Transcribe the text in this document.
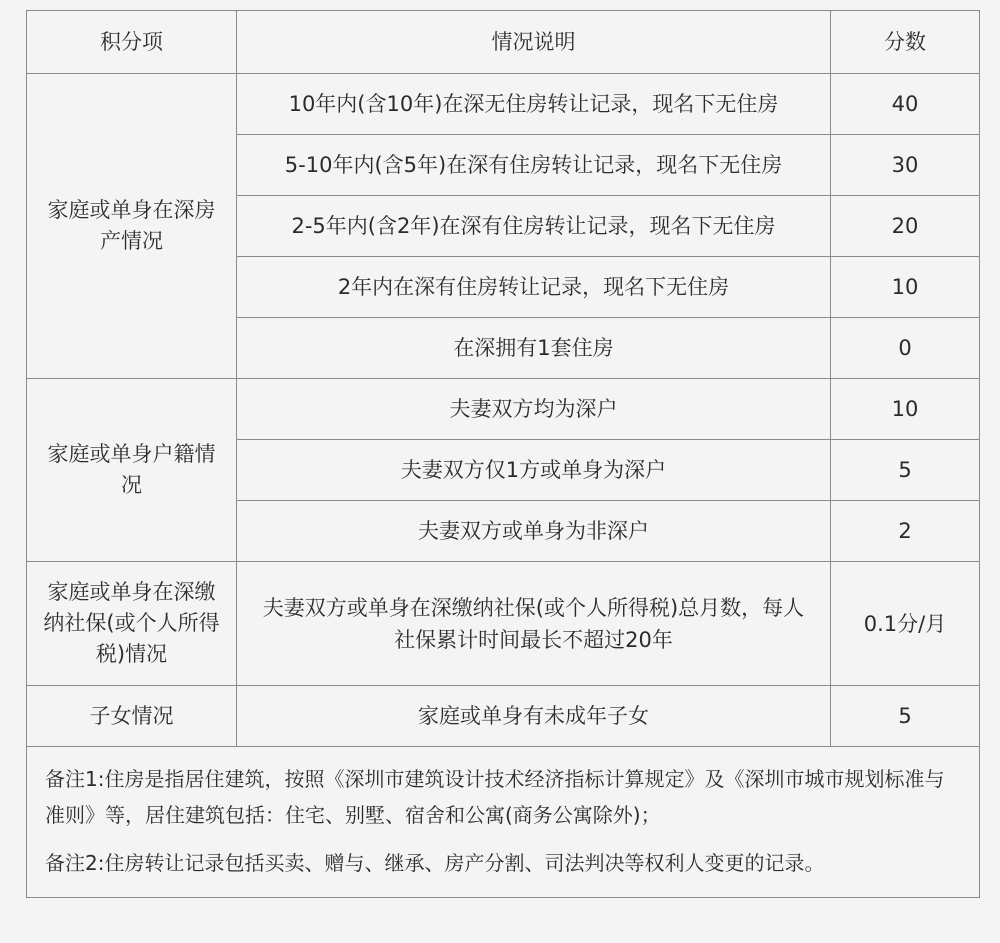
积分项	情况说明	分数
家庭或单身在深房产情况	10年内(含10年)在深无住房转让记录，现名下无住房	40
	5-10年内(含5年)在深有住房转让记录，现名下无住房	30
	2-5年内(含2年)在深有住房转让记录，现名下无住房	20
	2年内在深有住房转让记录，现名下无住房	10
	在深拥有1套住房	0
家庭或单身户籍情况	夫妻双方均为深户	10
	夫妻双方仅1方或单身为深户	5
	夫妻双方或单身为非深户	2
家庭或单身在深缴纳社保(或个人所得税)情况	夫妻双方或单身在深缴纳社保(或个人所得税)总月数，每人社保累计时间最长不超过20年	0.1分/月
子女情况	家庭或单身有未成年子女	5

备注1:住房是指居住建筑，按照《深圳市建筑设计技术经济指标计算规定》及《深圳市城市规划标准与准则》等，居住建筑包括：住宅、别墅、宿舍和公寓(商务公寓除外)；

备注2:住房转让记录包括买卖、赠与、继承、房产分割、司法判决等权利人变更的记录。		
